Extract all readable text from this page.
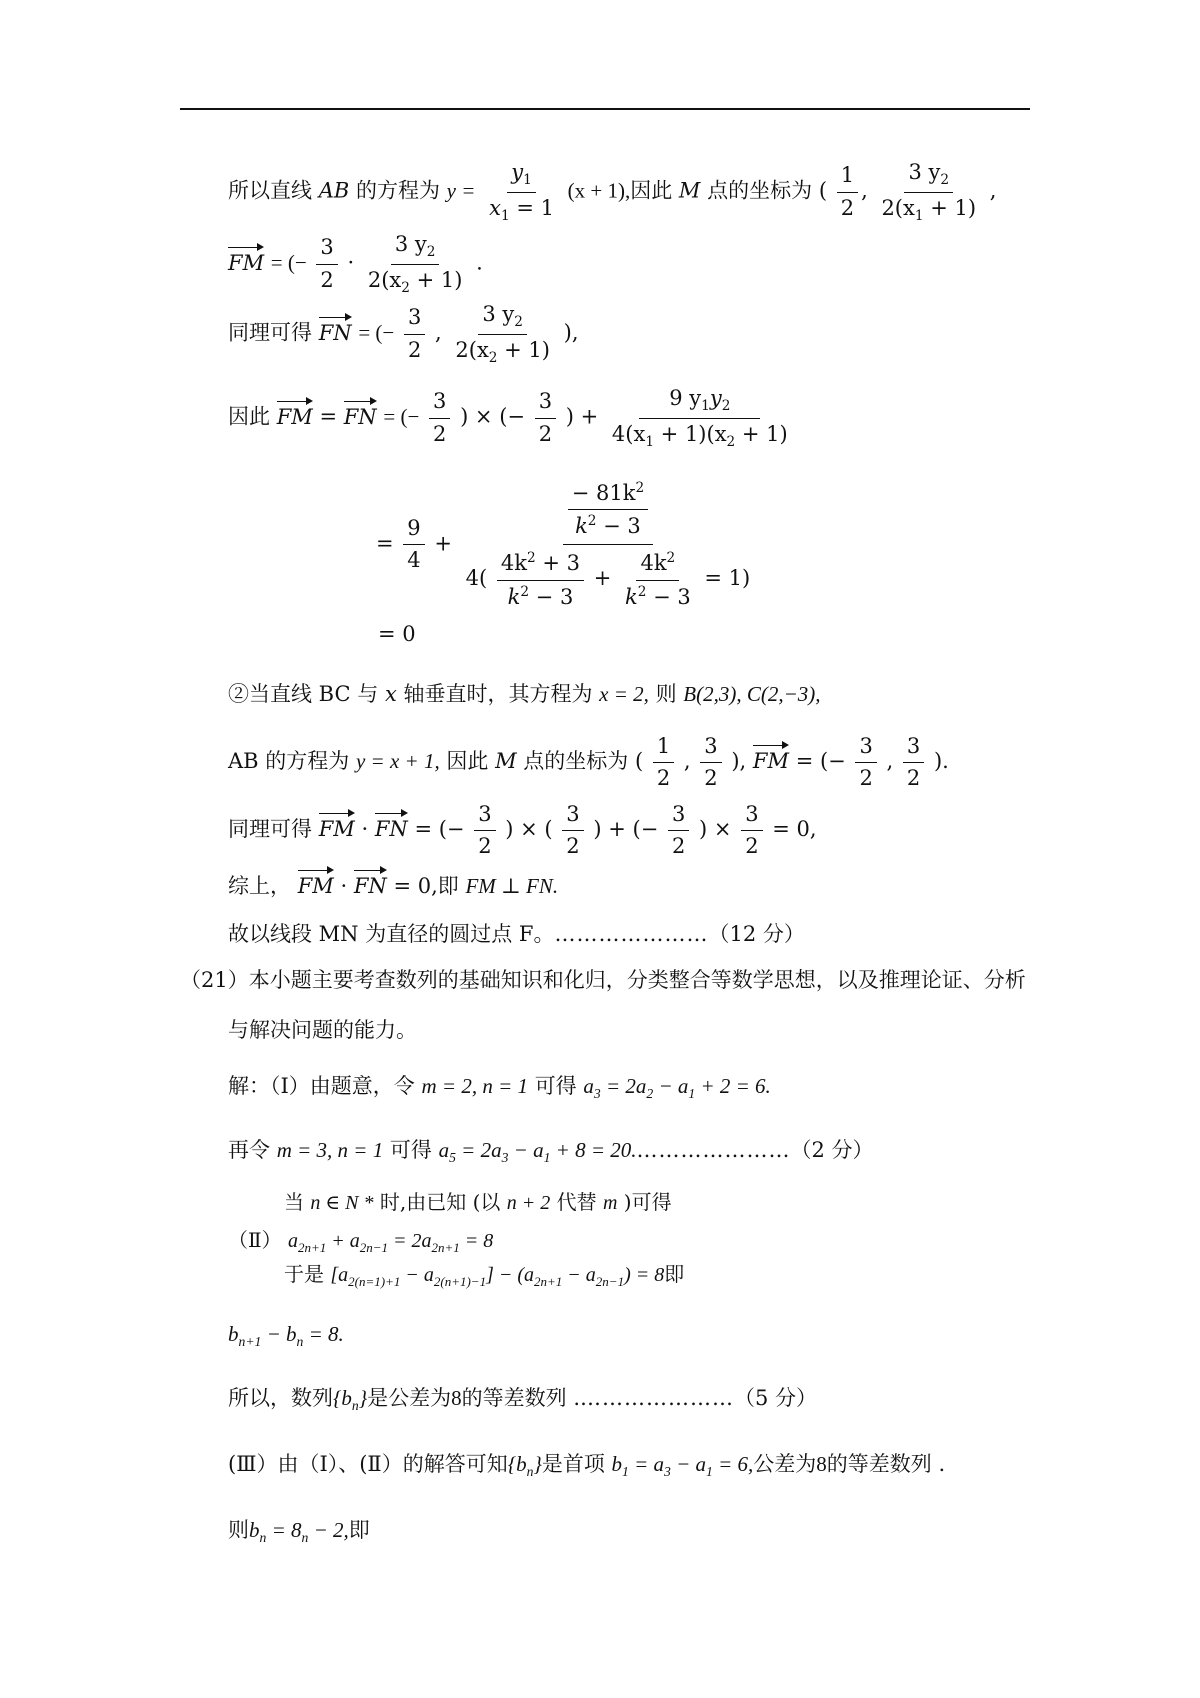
所以直线 AB 的方程为 $y = \frac{y_1}{x_1 = 1} (x + 1)$,因此 M 点的坐标为 ( $\frac{1}{2}$ , $\frac{3 y_2}{2(x_1 + 1)}$ ,
FM = (− $\frac{3}{2} \cdot \frac{3 y_2}{2(x_2 + 1)}$ .
同理可得 FN = (− $\frac{3}{2}$ , $\frac{3 y_2}{2(x_2 + 1)}$ ),
因此 FM = FN = (− $\frac{3}{2}$ ) × (− $\frac{3}{2}$ ) + $\frac{9 y_1y_2}{4(x_1 + 1)(x_2 + 1)}$
= $\frac{9}{4}$ +
$\frac{- 81k^2}{k^2 - 3}$
$4( \frac{4k^2 + 3}{k^2 - 3} + \frac{4k^2}{k^2 - 3} = 1)$
= 0
②当直线 BC 与 x 轴垂直时，其方程为 x = 2, 则 B(2,3), C(2,−3),
AB 的方程为 y = x + 1, 因此 M 点的坐标为 ( $\frac{1}{2}$ , $\frac{3}{2}$ ), FM = (− $\frac{3}{2}$ , $\frac{3}{2}$ ).
同理可得 FM · FN = (− $\frac{3}{2}$ ) × ( $\frac{3}{2}$ ) + (− $\frac{3}{2}$ ) × $\frac{3}{2} = 0$,
综上， FM · FN = 0,即 FM ⊥ FN.
故以线段 MN 为直径的圆过点 F。…………………（12 分）
（21）本小题主要考查数列的基础知识和化归，分类整合等数学思想，以及推理论证、分析
与解决问题的能力。
解：（Ⅰ）由题意，令 m = 2, n = 1 可得 $a_3 = 2a_2 - a_1 + 2 = 6$.
再令 m = 3, n = 1 可得 $a_5 = 2a_3 - a_1 + 8$ = 20.…………………（2 分）
当 n ∈ N * 时,由已知 (以 n + 2 代替 m )可得
（Ⅱ） $a_{2n+1} + a_{2n-1} = 2a_{2n+1} = 8$
于是 $[a_{2(n=1)+1} - a_{2(n+1)-1}] - (a_{2n+1} - a_{2n-1}) = 8$即
$b_{n+1} - b_n = 8$.
所以，数列$\{b_n\}$是公差为8的等差数列 .…………………（5 分）
(Ⅲ）由（Ⅰ）、(Ⅱ）的解答可知$\{b_n\}$是首项 $b_1 = a_3 - a_1 = 6$,公差为8的等差数列 .
则$b_n = 8_n - 2$,即
